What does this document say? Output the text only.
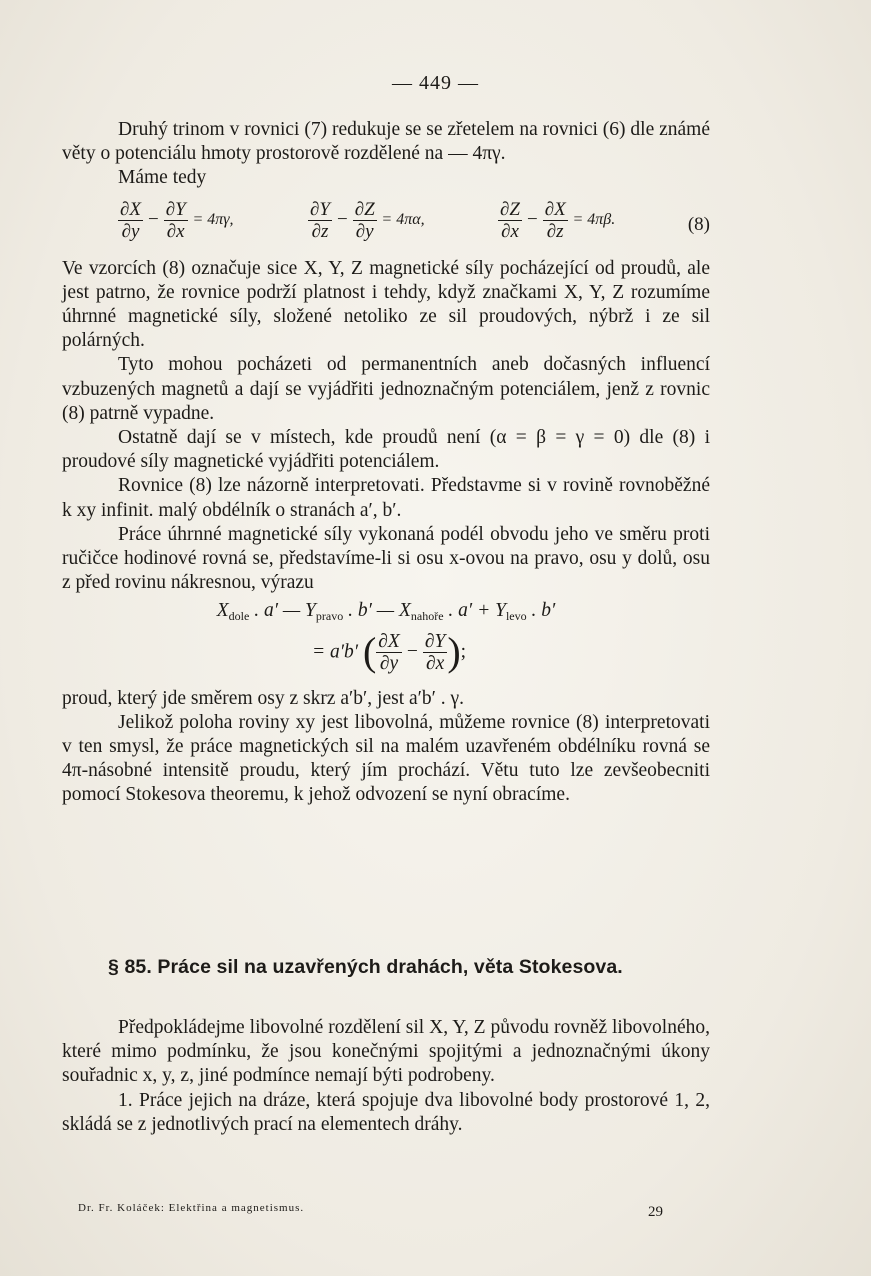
— 449 —

Druhý trinom v rovnici (7) redukuje se se zřetelem na rovnici (6) dle známé věty o potenciálu hmoty prostorově rozdělené na — 4πγ.

Máme tedy

$\frac{\partial X}{\partial y} - \frac{\partial Y}{\partial x} = 4\pi\gamma$,	$\frac{\partial Y}{\partial z} - \frac{\partial Z}{\partial y} = 4\pi\alpha$,	$\frac{\partial Z}{\partial x} - \frac{\partial X}{\partial z} = 4\pi\beta$.	(8)

Ve vzorcích (8) označuje sice X, Y, Z magnetické síly pocházející od proudů, ale jest patrno, že rovnice podrží platnost i tehdy, když značkami X, Y, Z rozumíme úhrnné magnetické síly, složené netoliko ze sil proudových, nýbrž i ze sil polárných.

Tyto mohou pocházeti od permanentních aneb dočasných influencí vzbuzených magnetů a dají se vyjádřiti jednoznačným potenciálem, jenž z rovnic (8) patrně vypadne.

Ostatně dají se v místech, kde proudů není (α = β = γ = 0) dle (8) i proudové síly magnetické vyjádřiti potenciálem.

Rovnice (8) lze názorně interpretovati. Představme si v rovině rovnoběžné k xy infinit. malý obdélník o stranách a′, b′.

Práce úhrnné magnetické síly vykonaná podél obvodu jeho ve směru proti ručičce hodinové rovná se, představíme-li si osu x-ovou na pravo, osu y dolů, osu z před rovinu nákresnou, výrazu

$X_{dole}$ . a′ — $Y_{pravo}$ . b′ — $X_{nahoře}$ . $a' + Y_{levo}$ . b′
= a′b′ ( $\frac{\partial X}{\partial y} - \frac{\partial Y}{\partial x}$ );

proud, který jde směrem osy z skrz a′b′, jest a′b′ . γ.

Jelikož poloha roviny xy jest libovolná, můžeme rovnice (8) interpretovati v ten smysl, že práce magnetických sil na malém uzavřeném obdélníku rovná se 4π-násobné intensitě proudu, který jím prochází. Větu tuto lze zevšeobecniti pomocí Stokesova theoremu, k jehož odvození se nyní obracíme.

§ 85. Práce sil na uzavřených drahách, věta Stokesova.

Předpokládejme libovolné rozdělení sil X, Y, Z původu rovněž libovolného, které mimo podmínku, že jsou konečnými spojitými a jednoznačnými úkony souřadnic x, y, z, jiné podmínce nemají býti podrobeny.

1. Práce jejich na dráze, která spojuje dva libovolné body prostorové 1, 2, skládá se z jednotlivých prací na elementech dráhy.

Dr. Fr. Koláček: Elektřina a magnetismus.	29
